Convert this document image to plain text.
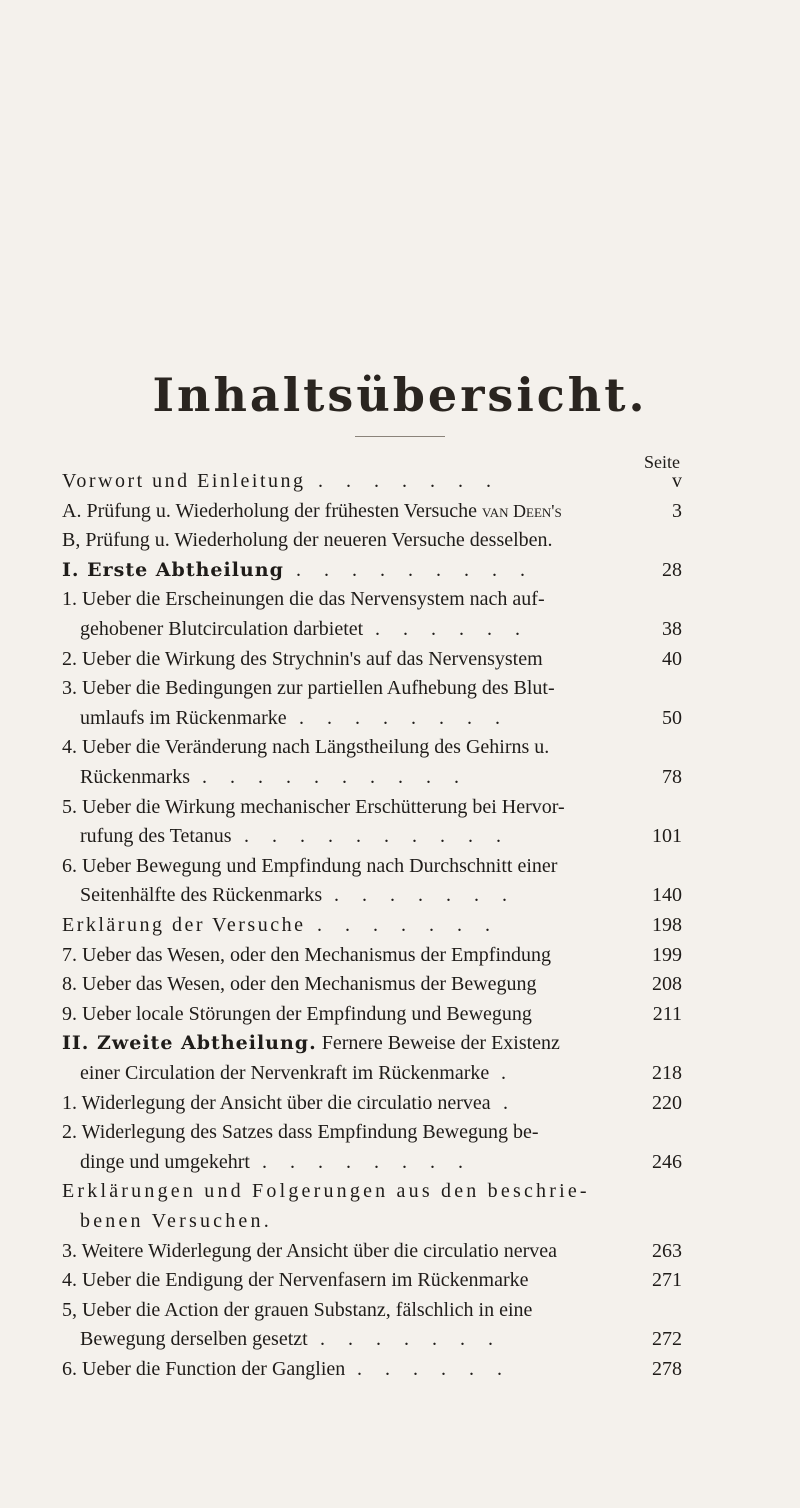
Inhaltsübersicht.
Seite
Vorwort und Einleitung . . . . . . .	v
A. Prüfung u. Wiederholung der frühesten Versuche van Deen's	3
B, Prüfung u. Wiederholung der neueren Versuche desselben.
I. Erste Abtheilung . . . . . . . . .	28
1. Ueber die Erscheinungen die das Nervensystem nach auf-
gehobener Blutcirculation darbietet . . . . . .	38
2. Ueber die Wirkung des Strychnin's auf das Nervensystem	40
3. Ueber die Bedingungen zur partiellen Aufhebung des Blut-
umlaufs im Rückenmarke . . . . . . . .	50
4. Ueber die Veränderung nach Längstheilung des Gehirns u.
Rückenmarks . . . . . . . . . .	78
5. Ueber die Wirkung mechanischer Erschütterung bei Hervor-
rufung des Tetanus . . . . . . . . . .	101
6. Ueber Bewegung und Empfindung nach Durchschnitt einer
Seitenhälfte des Rückenmarks . . . . . . .	140
Erklärung der Versuche . . . . . . .	198
7. Ueber das Wesen, oder den Mechanismus der Empfindung	199
8. Ueber das Wesen, oder den Mechanismus der Bewegung	208
9. Ueber locale Störungen der Empfindung und Bewegung	211
II. Zweite Abtheilung. Fernere Beweise der Existenz
einer Circulation der Nervenkraft im Rückenmarke .	218
1. Widerlegung der Ansicht über die circulatio nervea .	220
2. Widerlegung des Satzes dass Empfindung Bewegung be-
dinge und umgekehrt . . . . . . . .	246
Erklärungen und Folgerungen aus den beschrie-
benen Versuchen.
3. Weitere Widerlegung der Ansicht über die circulatio nervea	263
4. Ueber die Endigung der Nervenfasern im Rückenmarke	271
5, Ueber die Action der grauen Substanz, fälschlich in eine
Bewegung derselben gesetzt . . . . . . .	272
6. Ueber die Function der Ganglien . . . . . .	278
